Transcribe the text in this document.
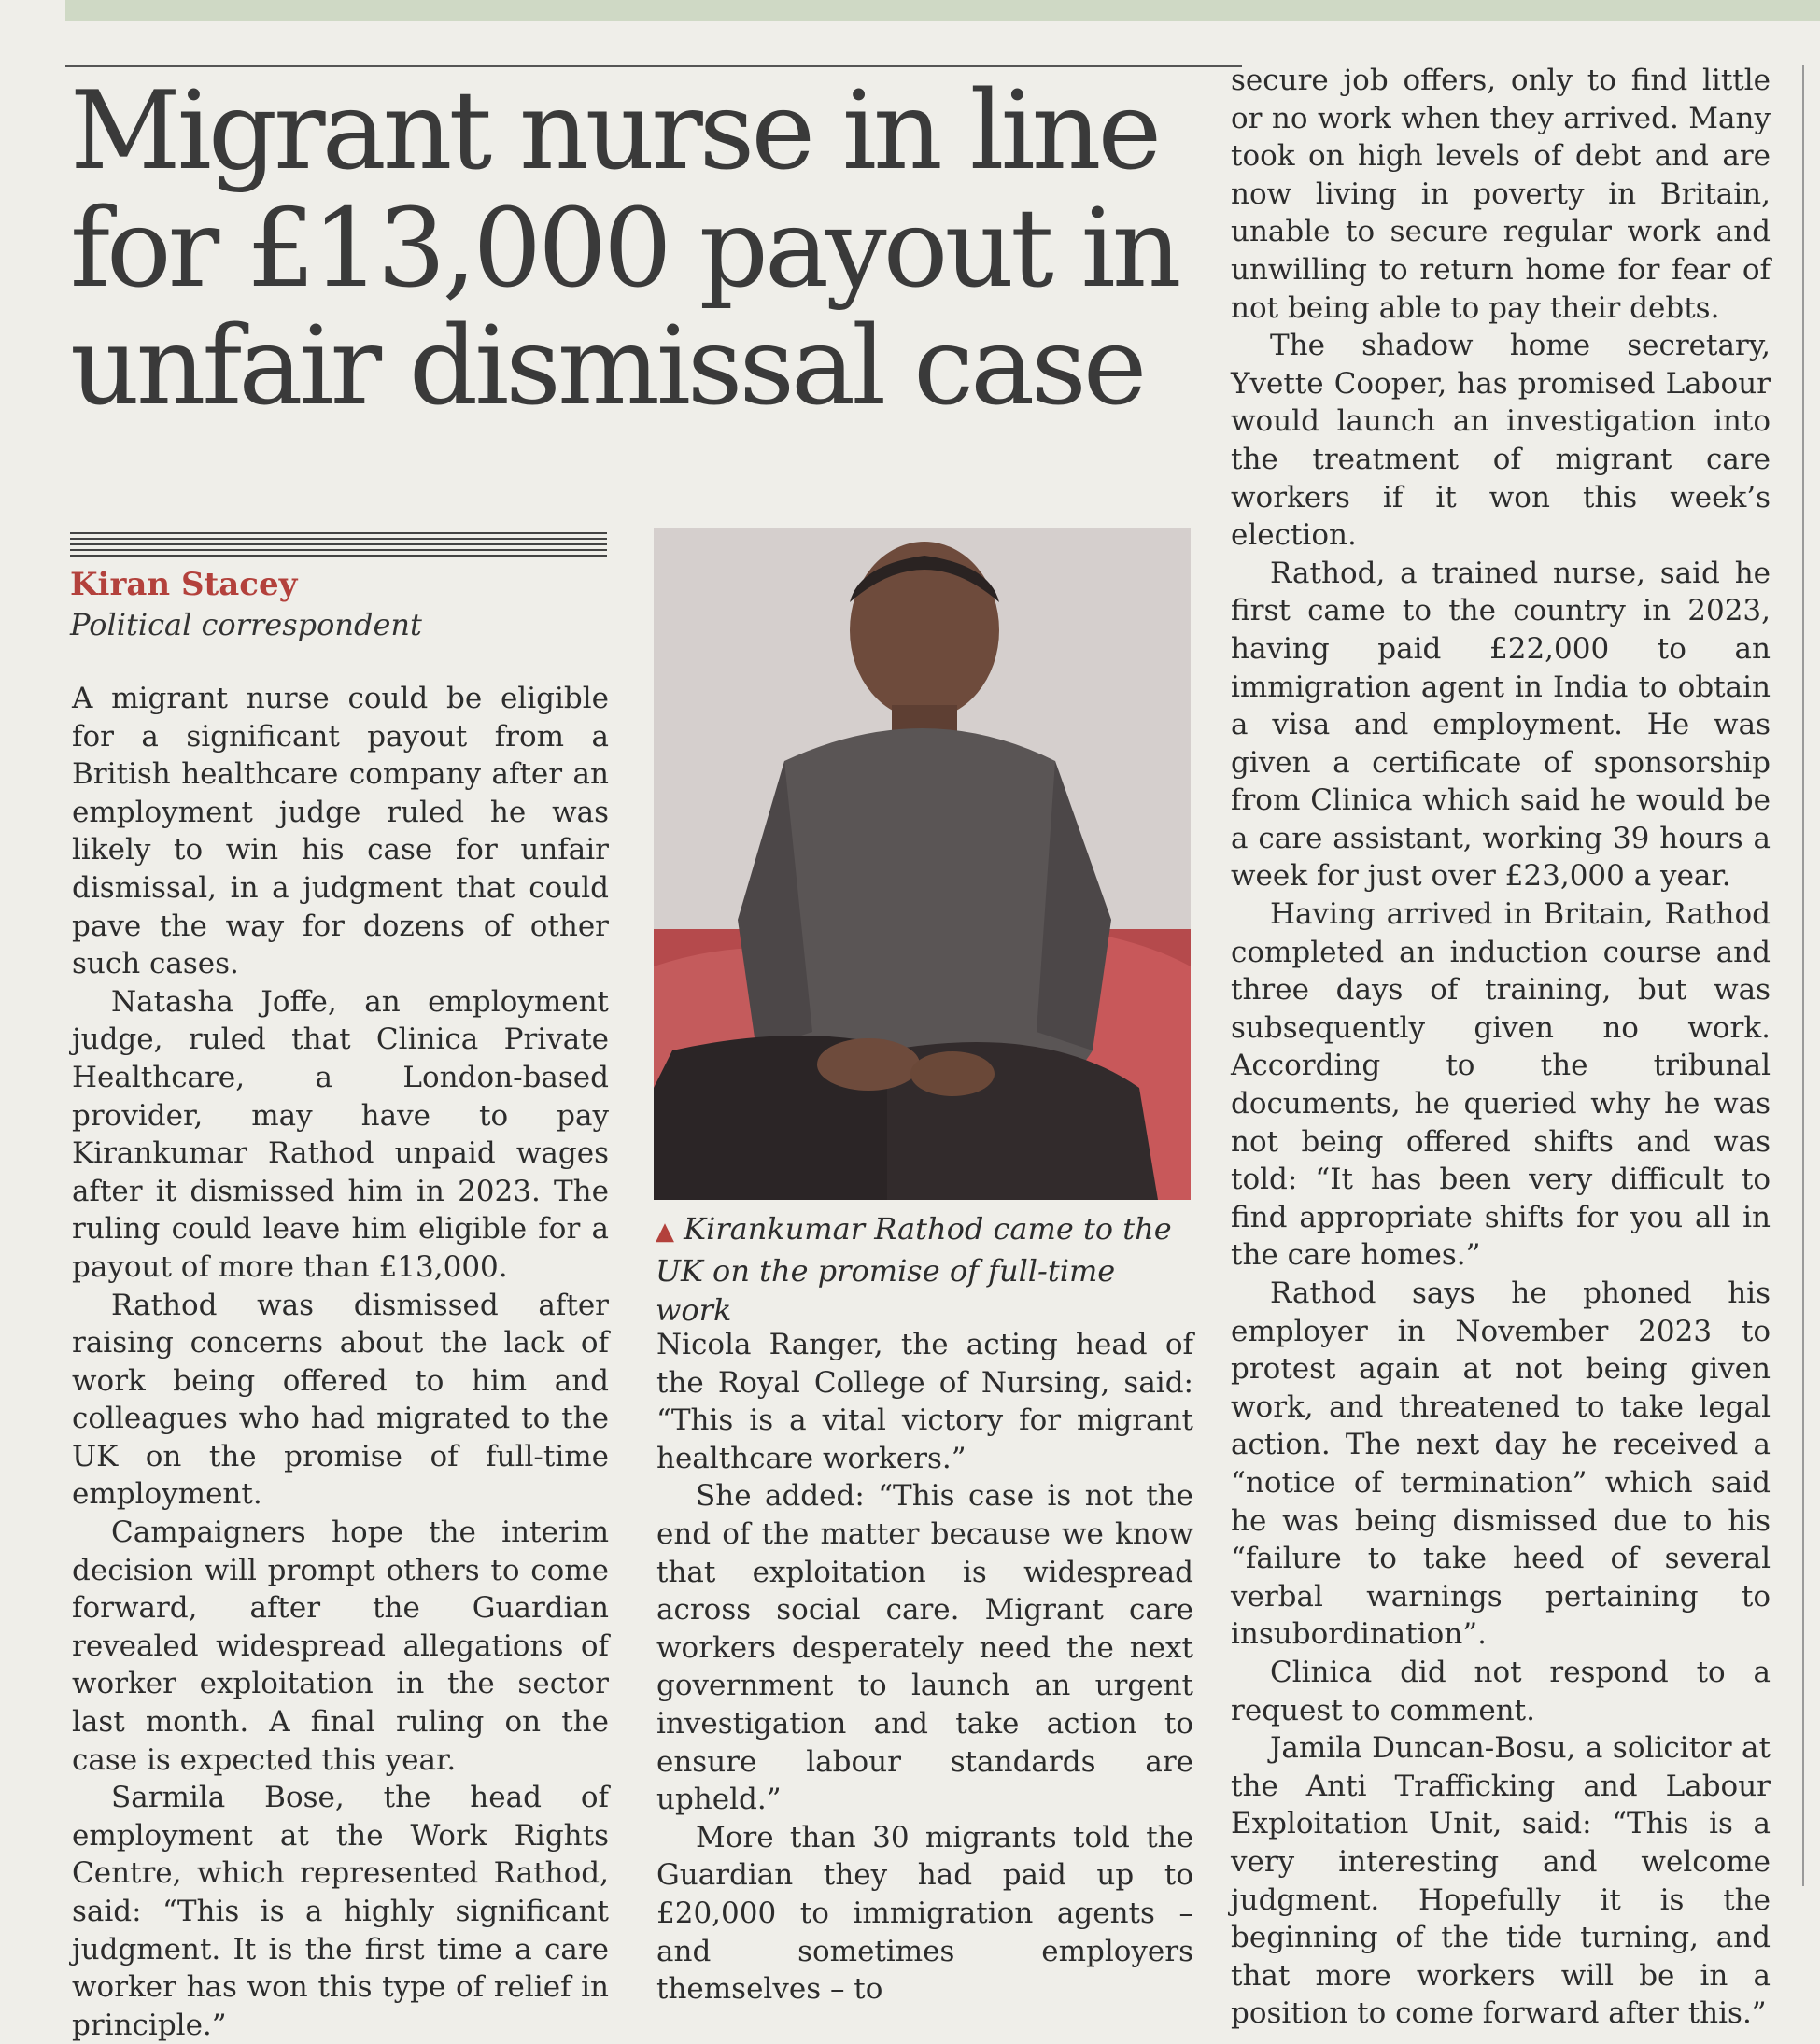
Migrant nurse in line
for £13,000 payout in
unfair dismissal case
Kiran Stacey
Political correspondent

A migrant nurse could be eligible for a significant payout from a British healthcare company after an employment judge ruled he was likely to win his case for unfair dismissal, in a judgment that could pave the way for dozens of other such cases.

Natasha Joffe, an employment judge, ruled that Clinica Private Healthcare, a London-based provider, may have to pay Kirankumar Rathod unpaid wages after it dismissed him in 2023. The ruling could leave him eligible for a payout of more than £13,000.

Rathod was dismissed after raising concerns about the lack of work being offered to him and colleagues who had migrated to the UK on the promise of full-time employment.

Campaigners hope the interim decision will prompt others to come forward, after the Guardian revealed widespread allegations of worker exploitation in the sector last month. A final ruling on the case is expected this year.

Sarmila Bose, the head of employment at the Work Rights Centre, which represented Rathod, said: “This is a highly significant judgment. It is the first time a care worker has won this type of relief in principle.”

▲ Kirankumar Rathod came to the UK on the promise of full-time work

Nicola Ranger, the acting head of the Royal College of Nursing, said: “This is a vital victory for migrant healthcare workers.”

She added: “This case is not the end of the matter because we know that exploitation is widespread across social care. Migrant care workers desperately need the next government to launch an urgent investigation and take action to ensure labour standards are upheld.”

More than 30 migrants told the Guardian they had paid up to £20,000 to immigration agents – and sometimes employers themselves – to

secure job offers, only to find little or no work when they arrived. Many took on high levels of debt and are now living in poverty in Britain, unable to secure regular work and unwilling to return home for fear of not being able to pay their debts.

The shadow home secretary, Yvette Cooper, has promised Labour would launch an investigation into the treatment of migrant care workers if it won this week’s election.

Rathod, a trained nurse, said he first came to the country in 2023, having paid £22,000 to an immigration agent in India to obtain a visa and employment. He was given a certificate of sponsorship from Clinica which said he would be a care assistant, working 39 hours a week for just over £23,000 a year.

Having arrived in Britain, Rathod completed an induction course and three days of training, but was subsequently given no work. According to the tribunal documents, he queried why he was not being offered shifts and was told: “It has been very difficult to find appropriate shifts for you all in the care homes.”

Rathod says he phoned his employer in November 2023 to protest again at not being given work, and threatened to take legal action. The next day he received a “notice of termination” which said he was being dismissed due to his “failure to take heed of several verbal warnings pertaining to insubordination”.

Clinica did not respond to a request to comment.

Jamila Duncan-Bosu, a solicitor at the Anti Trafficking and Labour Exploitation Unit, said: “This is a very interesting and welcome judgment. Hopefully it is the beginning of the tide turning, and that more workers will be in a position to come forward after this.”
